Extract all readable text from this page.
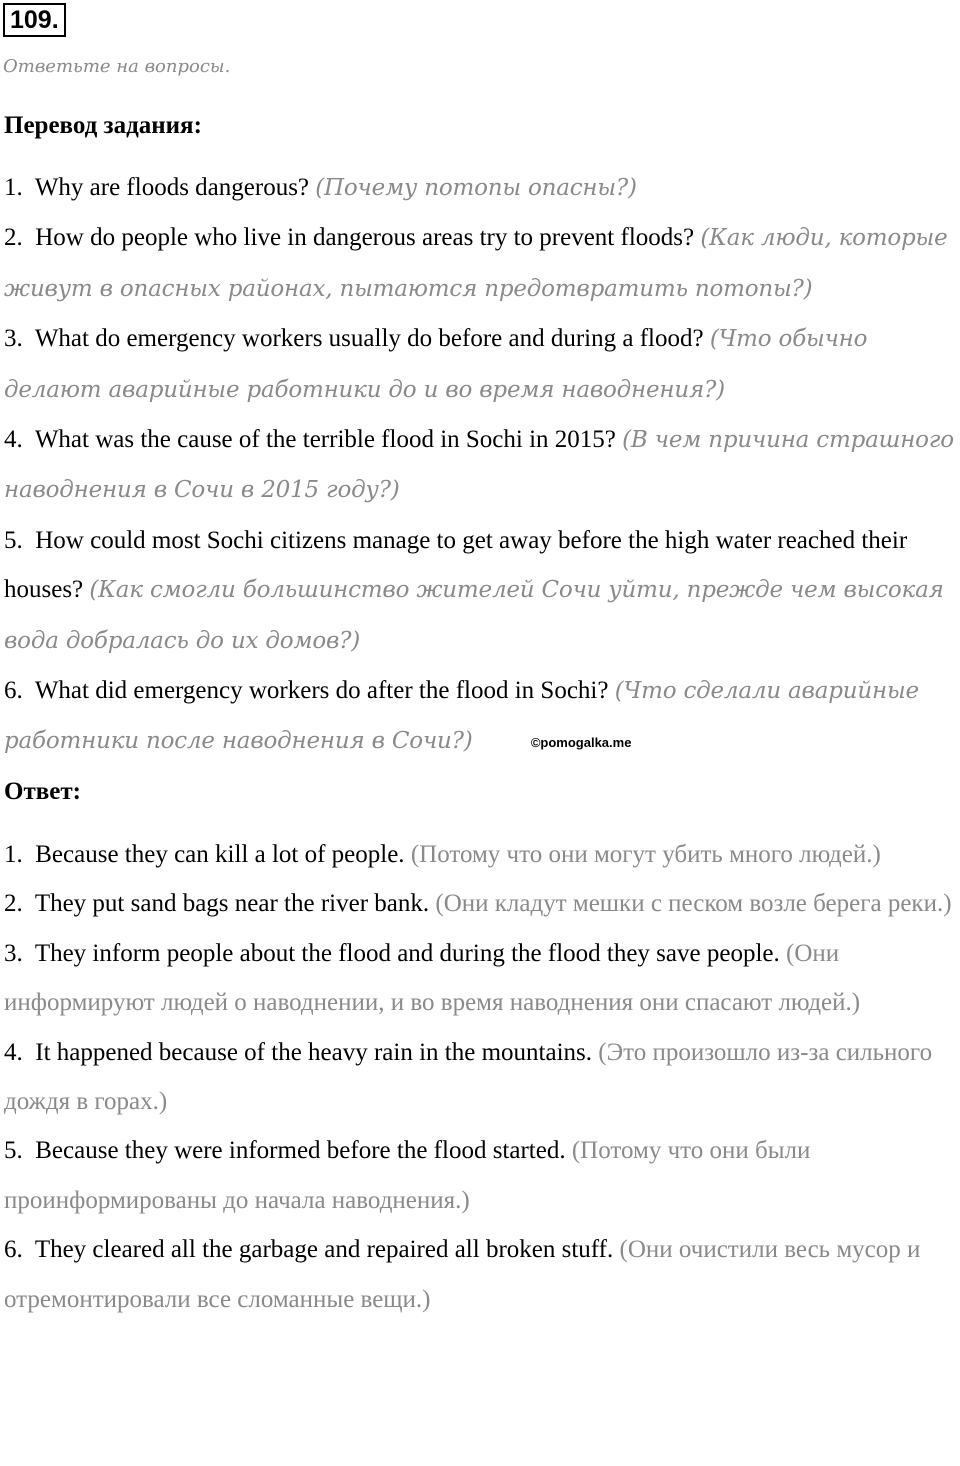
109.
Ответьте на вопросы.
Перевод задания:
1. Why are floods dangerous? (Почему потопы опасны?)
2. How do people who live in dangerous areas try to prevent floods? (Как люди, которые живут в опасных районах, пытаются предотвратить потопы?)
3. What do emergency workers usually do before and during a flood? (Что обычно делают аварийные работники до и во время наводнения?)
4. What was the cause of the terrible flood in Sochi in 2015? (В чем причина страшного наводнения в Сочи в 2015 году?)
5. How could most Sochi citizens manage to get away before the high water reached their houses? (Как смогли большинство жителей Сочи уйти, прежде чем высокая вода добралась до их домов?)
6. What did emergency workers do after the flood in Sochi? (Что сделали аварийные работники после наводнения в Сочи?)	©pomogalka.me
Ответ:
1. Because they can kill a lot of people. (Потому что они могут убить много людей.)
2. They put sand bags near the river bank. (Они кладут мешки с песком возле берега реки.)
3. They inform people about the flood and during the flood they save people. (Они информируют людей о наводнении, и во время наводнения они спасают людей.)
4. It happened because of the heavy rain in the mountains. (Это произошло из-за сильного дождя в горах.)
5. Because they were informed before the flood started. (Потому что они были проинформированы до начала наводнения.)
6. They cleared all the garbage and repaired all broken stuff. (Они очистили весь мусор и отремонтировали все сломанные вещи.)
